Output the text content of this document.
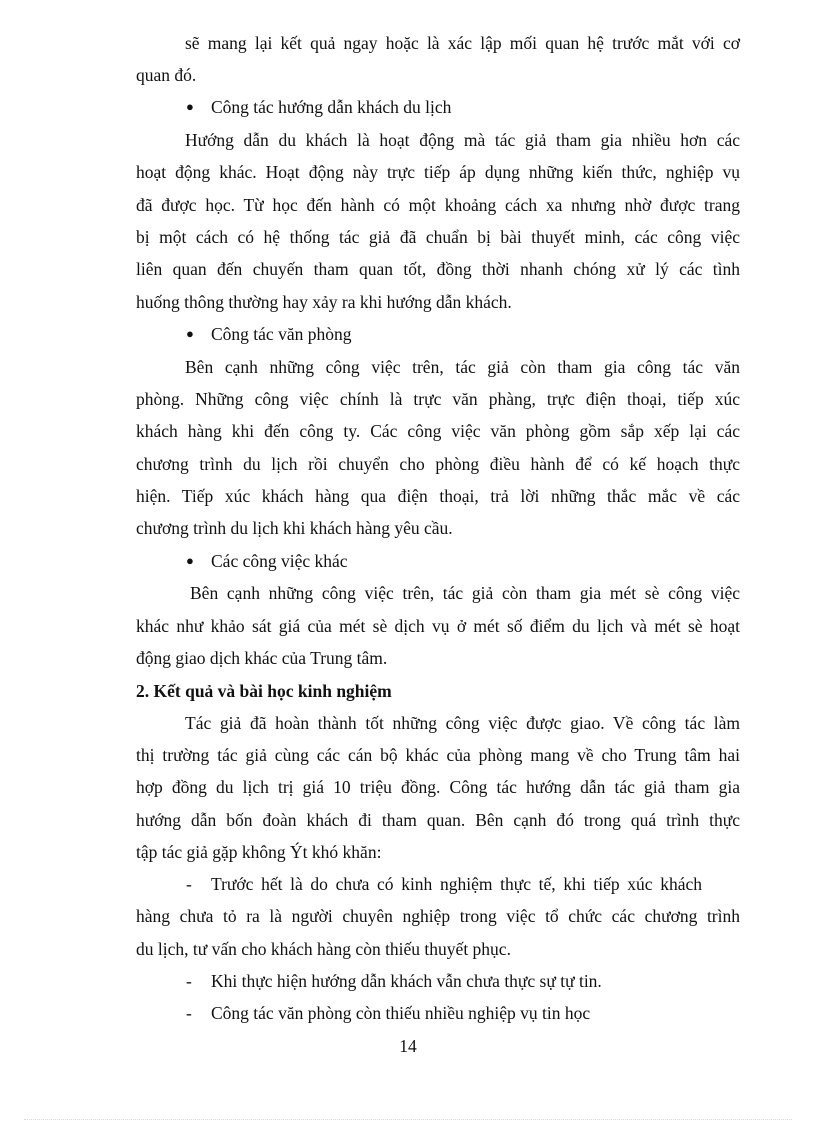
sẽ mang lại kết quả ngay hoặc là xác lập mối quan hệ trước mắt với cơ
quan đó.
● Công tác hướng dẫn khách du lịch
Hướng dẫn du khách là hoạt động mà tác giả tham gia nhiều hơn các
hoạt động khác. Hoạt động này trực tiếp áp dụng những kiến thức, nghiệp vụ
đã được học. Từ học đến hành có một khoảng cách xa nhưng nhờ được trang
bị một cách có hệ thống tác giả đã chuẩn bị bài thuyết minh, các công việc
liên quan đến chuyến tham quan tốt, đồng thời nhanh chóng xử lý các tình
huống thông thường hay xảy ra khi hướng dẫn khách.
● Công tác văn phòng
Bên cạnh những công việc trên, tác giả còn tham gia công tác văn
phòng. Những công việc chính là trực văn phàng, trực điện thoại, tiếp xúc
khách hàng khi đến công ty. Các công việc văn phòng gồm sắp xếp lại các
chương trình du lịch rồi chuyển cho phòng điều hành để có kế hoạch thực
hiện. Tiếp xúc khách hàng qua điện thoại, trả lời những thắc mắc về các
chương trình du lịch khi khách hàng yêu cầu.
● Các công việc khác
Bên cạnh những công việc trên, tác giả còn tham gia mét sè công việc
khác như khảo sát giá của mét sè dịch vụ ở mét số điểm du lịch và mét sè hoạt
động giao dịch khác của Trung tâm.
2. Kết quả và bài học kinh nghiệm
Tác giả đã hoàn thành tốt những công việc được giao. Về công tác làm
thị trường tác giả cùng các cán bộ khác của phòng mang về cho Trung tâm hai
hợp đồng du lịch trị giá 10 triệu đồng. Công tác hướng dẫn tác giả tham gia
hướng dẫn bốn đoàn khách đi tham quan. Bên cạnh đó trong quá trình thực
tập tác giả gặp không Ýt khó khăn:
- Trước hết là do chưa có kinh nghiệm thực tế, khi tiếp xúc khách
hàng chưa tỏ ra là người chuyên nghiệp trong việc tổ chức các chương trình
du lịch, tư vấn cho khách hàng còn thiếu thuyết phục.
- Khi thực hiện hướng dẫn khách vẫn chưa thực sự tự tin.
- Công tác văn phòng còn thiếu nhiều nghiệp vụ tin học
14
